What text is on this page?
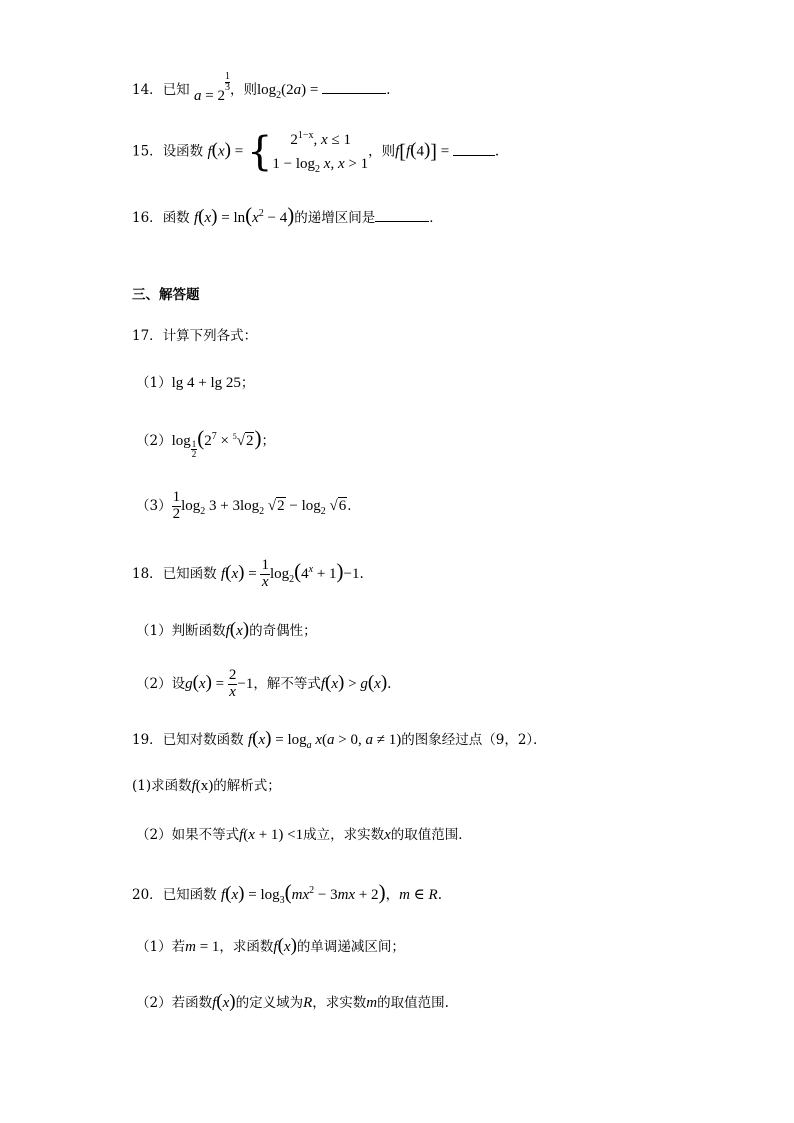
14．已知 a = 2
$\frac{1}{3}$ ，则$\log_2(2a)$ =	.
15．设函数 f(x) = {	$2^{1-x}$, x ≤ 1
$1 - \log_2 x$, x > 1
，则f[f(4)] =	.
16．函数 $f(x) = \ln(x^2 - 4)$的递增区间是	．
三、解答题
17．计算下列各式：
（1）lg 4 + lg 25；
$(2)\log \frac{1}{2} (2^7 \times ^5√2)$；
$(3) \frac{1}{2} \log_2 3 + 3\log_2$ $√2 - \log_2 √6$．
18．已知函数 $f(x) = \frac{1}{x} \log_2(4^x + 1)-1$.
（1）判断函数f(x)的奇偶性；
（2）设$g(x) = \frac{2}{x} -1$，解不等式f(x) > g(x).
19．已知对数函数 $f(x) = \log_a x(a > 0$, a ≠ 1)的图象经过点（9，2）．
(1)求函数f(x)的解析式；
（2）如果不等式f(x + 1) <1成立，求实数x的取值范围．
20．已知函数 $f(x) = \log_3(mx^2 - 3mx + 2)$，m ∈ R.
（1）若m = 1，求函数f(x)的单调递减区间；
（2）若函数f(x)的定义域为R，求实数m的取值范围.
